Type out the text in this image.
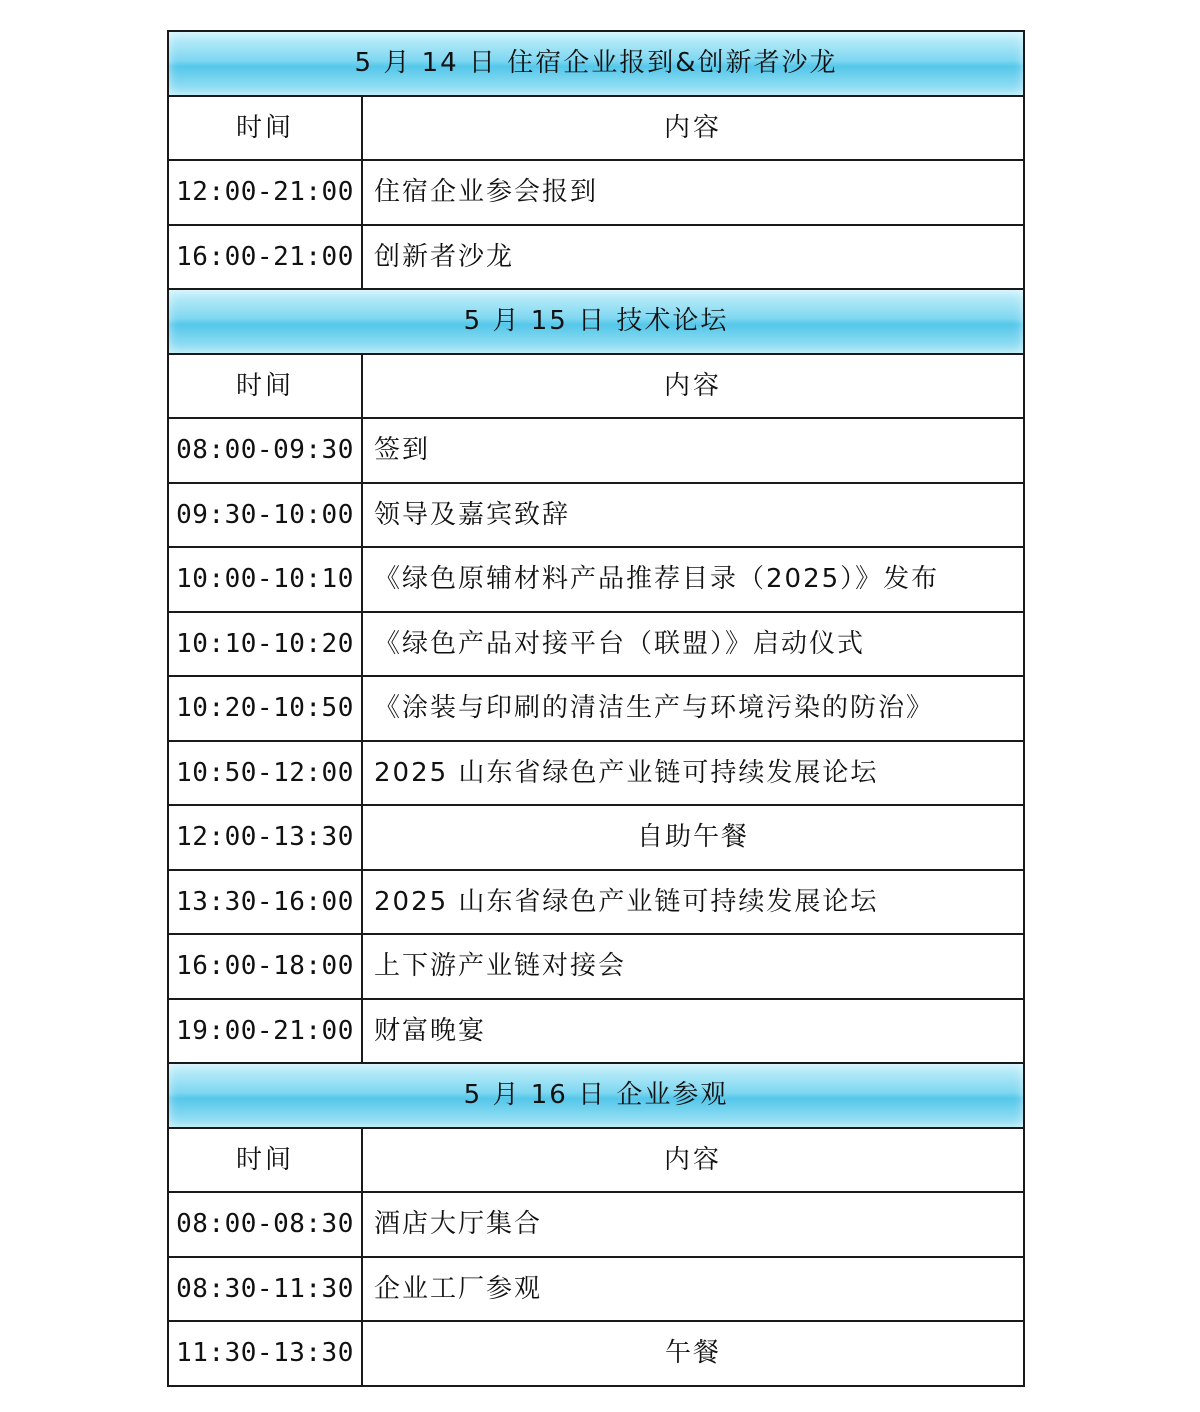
5 月 14 日 住宿企业报到&创新者沙龙	
时间	内容
12:00-21:00	住宿企业参会报到
16:00-21:00	创新者沙龙
5 月 15 日 技术论坛	
时间	内容
08:00-09:30	签到
09:30-10:00	领导及嘉宾致辞
10:00-10:10	《绿色原辅材料产品推荐目录（2025）》发布
10:10-10:20	《绿色产品对接平台（联盟）》启动仪式
10:20-10:50	《涂装与印刷的清洁生产与环境污染的防治》
10:50-12:00	2025 山东省绿色产业链可持续发展论坛
12:00-13:30	自助午餐
13:30-16:00	2025 山东省绿色产业链可持续发展论坛
16:00-18:00	上下游产业链对接会
19:00-21:00	财富晚宴
5 月 16 日 企业参观	
时间	内容
08:00-08:30	酒店大厅集合
08:30-11:30	企业工厂参观
11:30-13:30	午餐
